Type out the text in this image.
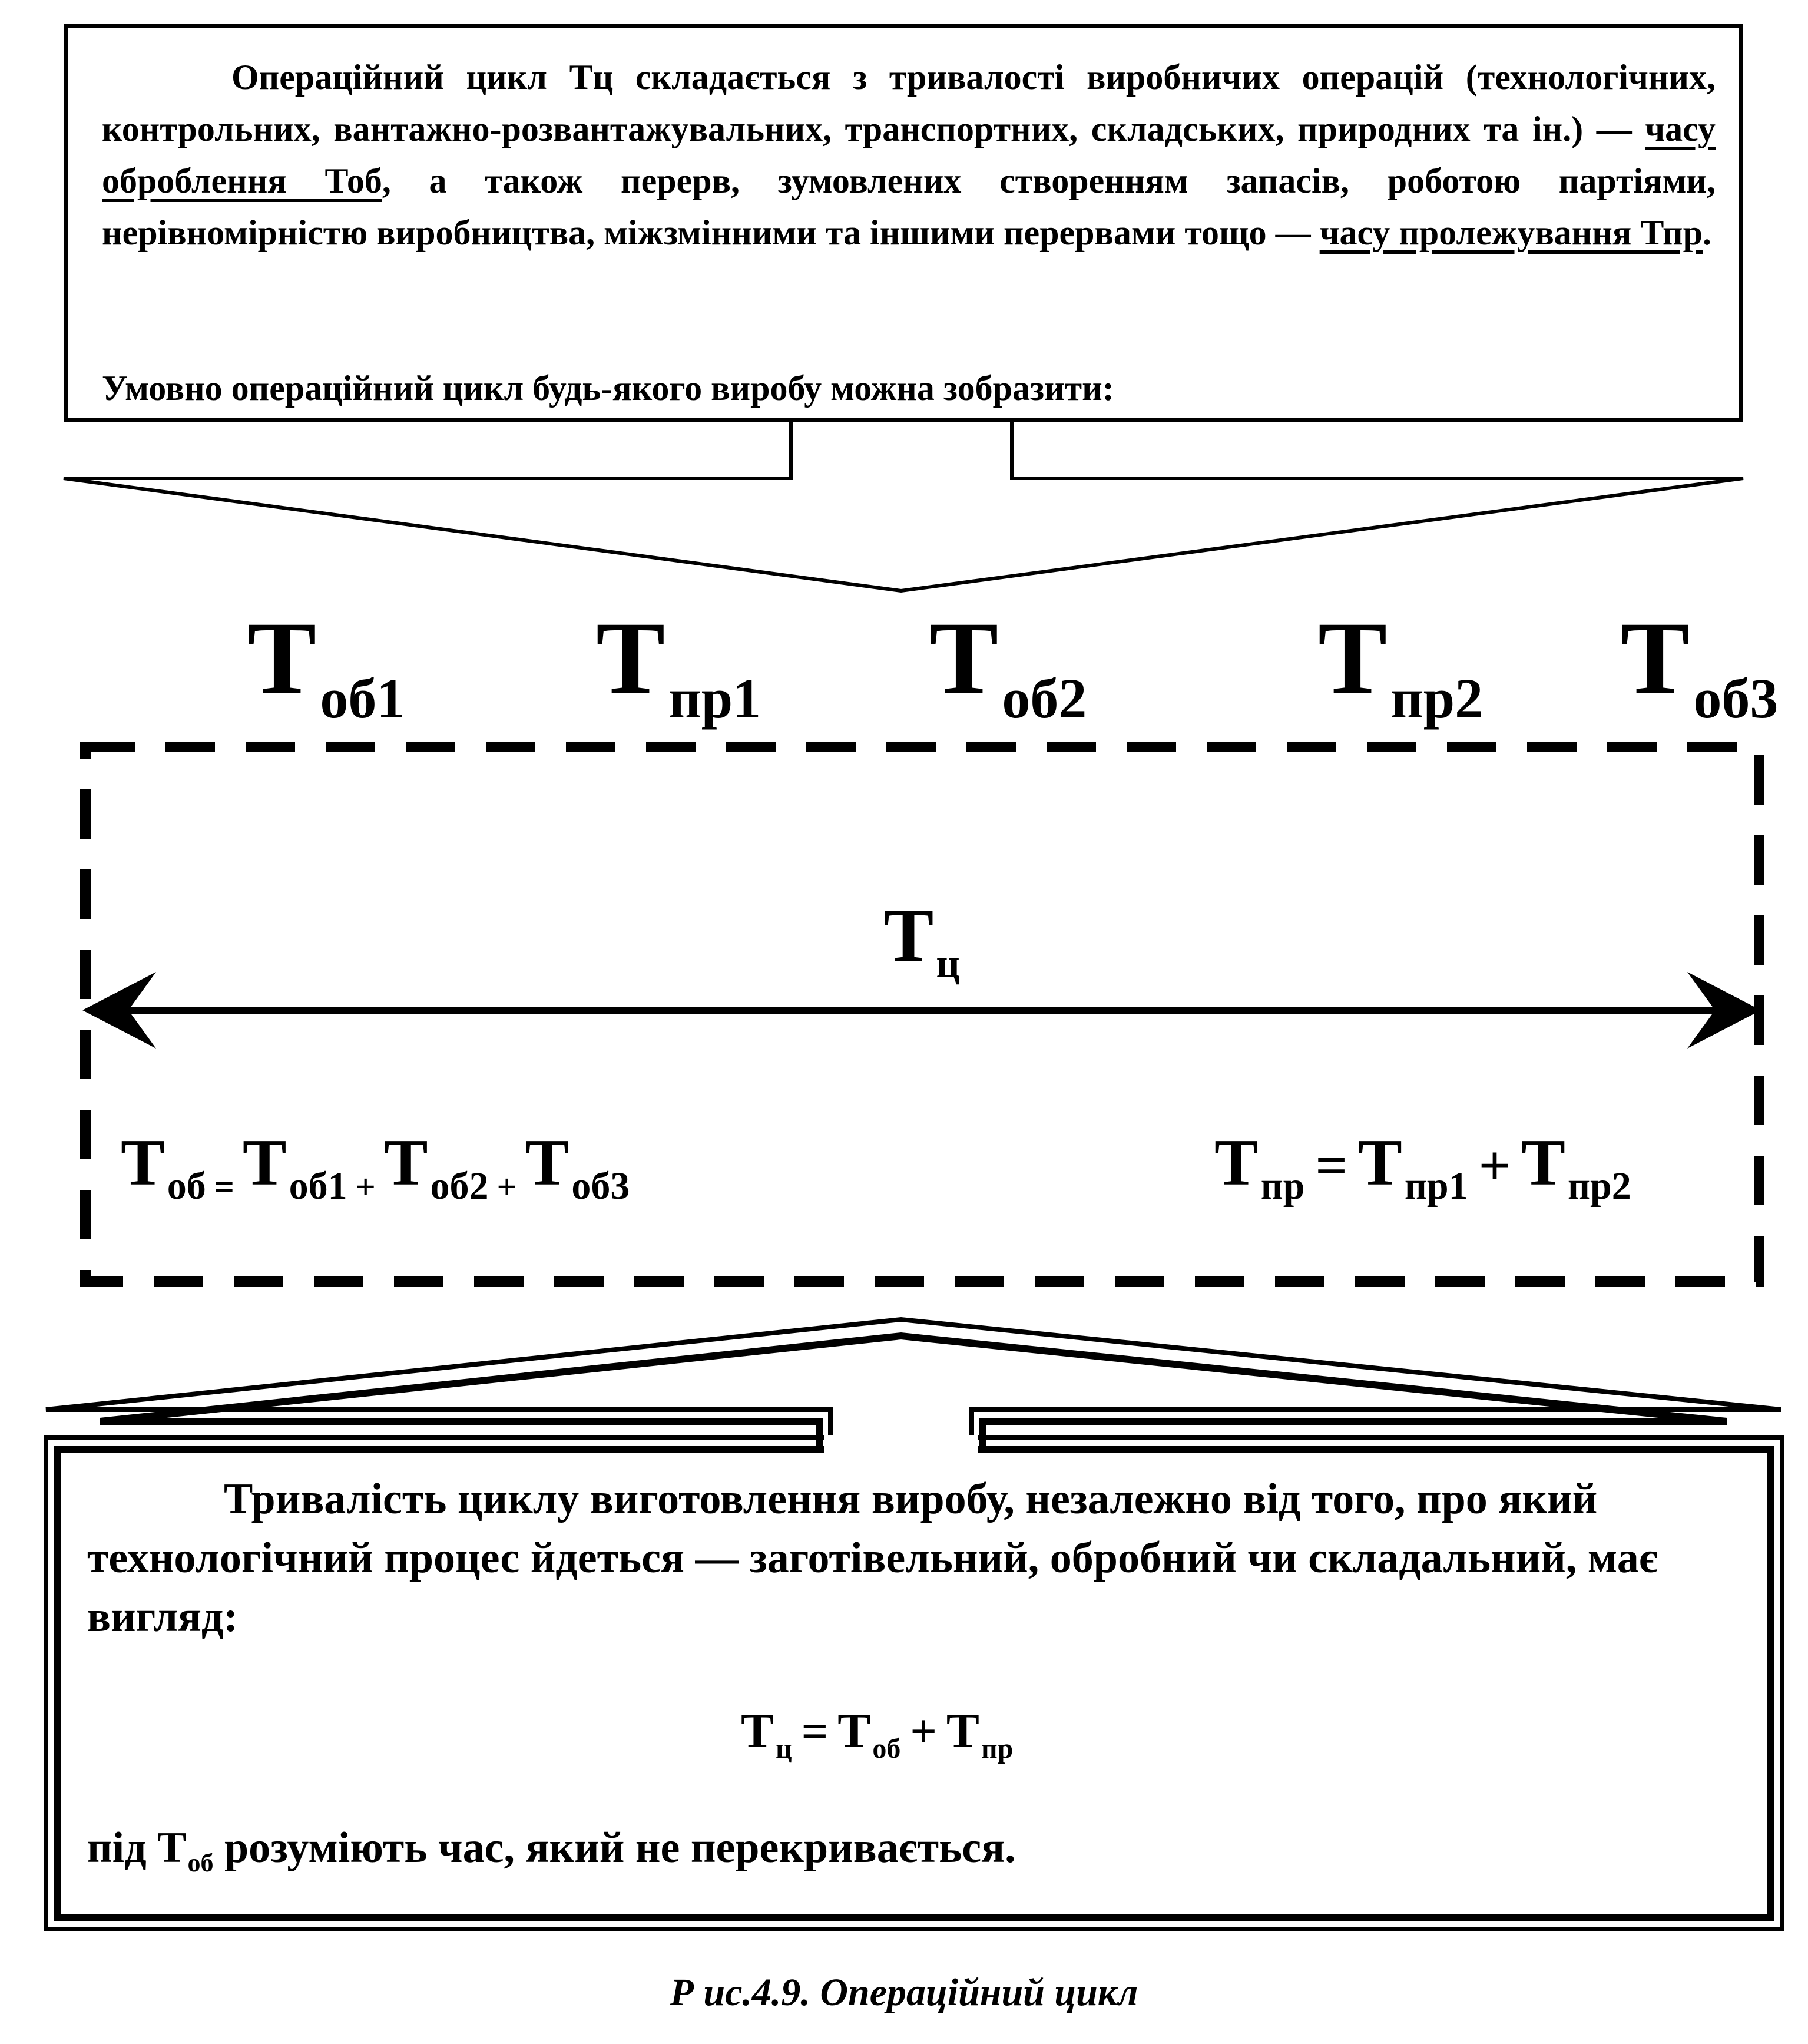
Операційний цикл Тц складається з тривалості виробничих операцій (технологічних, контрольних, вантажно-розвантажувальних, транспортних, складських, природних та ін.) — часу оброблення Тоб, а також перерв, зумовлених створенням запасів, роботою партіями, нерівномірністю виробництва, міжзмінними та іншими перервами тощо — часу пролежування Тпр.

Умовно операційний цикл будь-якого виробу можна зобразити:

Тоб1 Тпр1 Тоб2 Тпр2 Тоб3
Тц
Тоб = Тоб1 + Тоб2 + Тоб3	Тпр = Тпр1 + Тпр2

Тривалість циклу виготовлення виробу, незалежно від того, про який технологічний процес йдеться — заготівельний, обробний чи складальний, має вигляд:

Тц = Тоб + Тпр

під $Т_{об}$ розуміють час, який не перекривається.

Р ис.4.9. Операційний цикл
